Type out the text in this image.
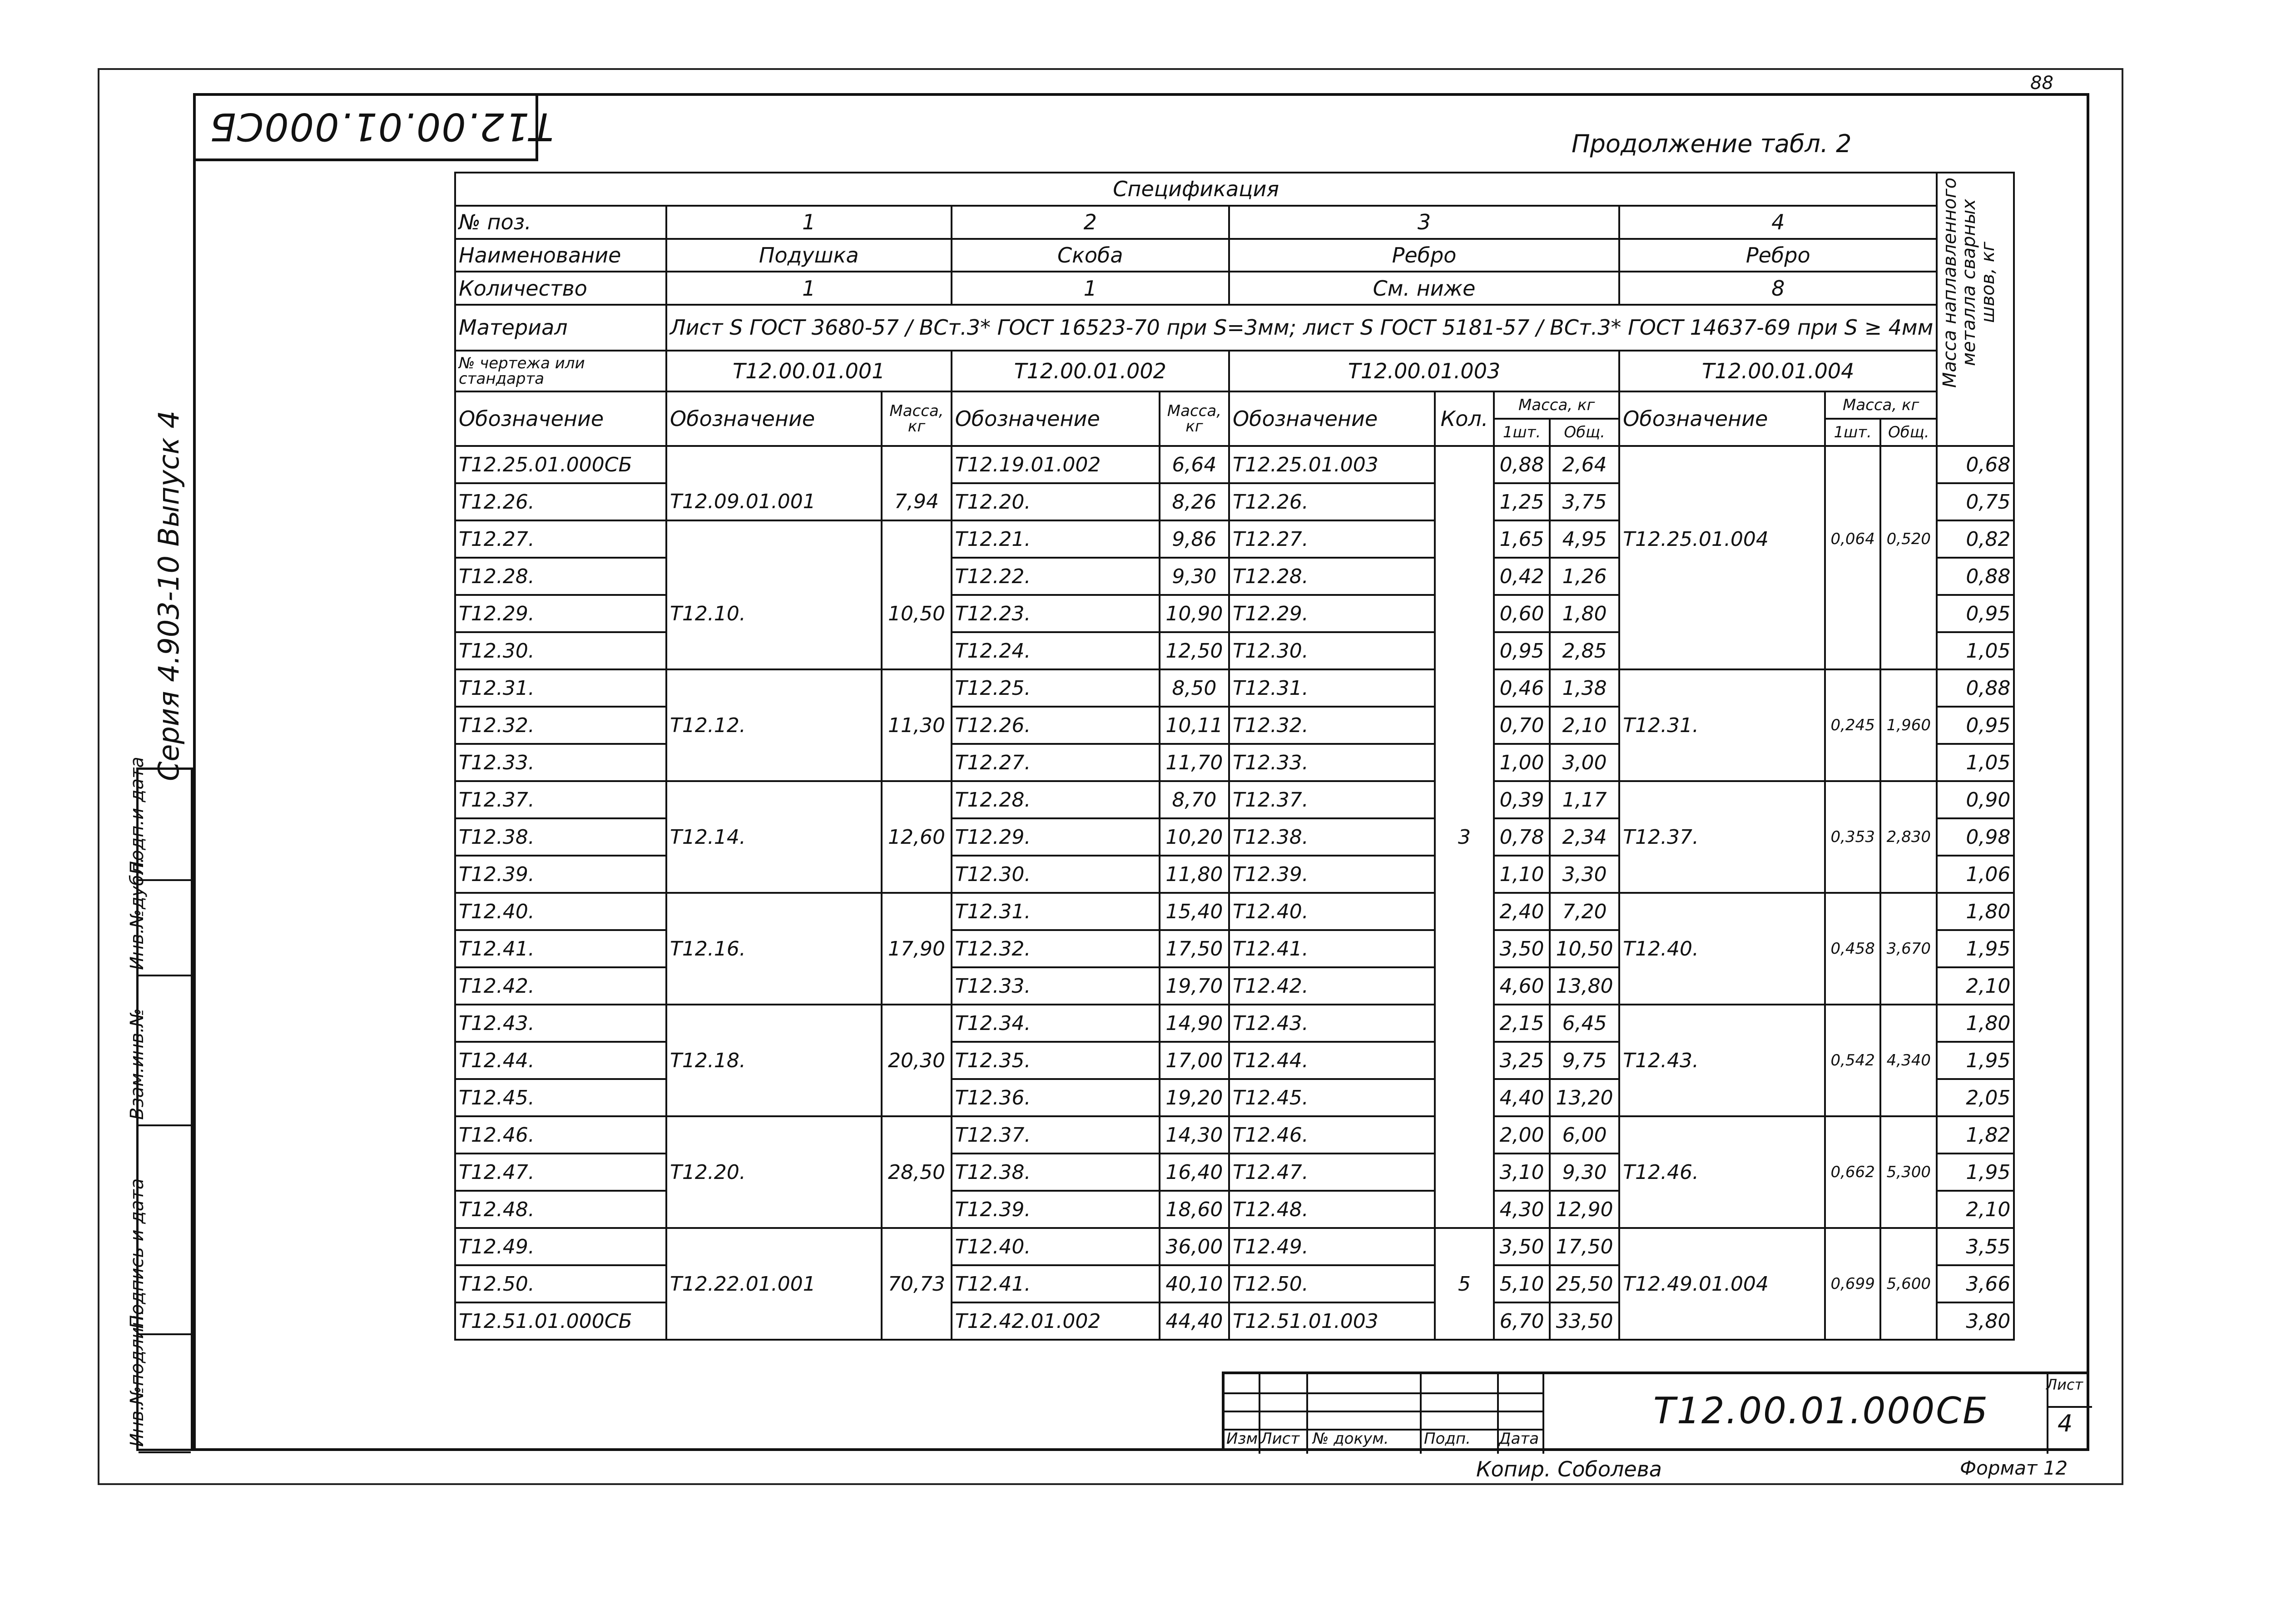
Т12.00.01.000СБ
88
Продолжение табл. 2
Серия 4.903-10 Выпуск 4
Инв.№подлин.
Подпись и дата
Взам.инв.№
Инв.№дубл.
Подп.и дата
Спецификация												Масса наплавленного металла сварных швов, кг

№ поз.	1		2		3				4			
Наименование	Подушка		Скоба		Ребро				Ребро			
Количество	1		1		См. ниже				8			
Материал	Лист S ГОСТ 3680-57 / ВСт.3* ГОСТ 16523-70 при S=3мм; лист S ГОСТ 5181-57 / ВСт.3* ГОСТ 14637-69 при S ≥ 4мм											
№ чертежа или стандарта	Т12.00.01.001		Т12.00.01.002		Т12.00.01.003				Т12.00.01.004			
Обозначение	Обозначение	Масса, кг	Обозначение	Масса, кг	Обозначение	Кол.	Масса, кг		Обозначение	Масса, кг		
							1шт.	Общ.		1шт.	Общ.	
Т12.25.01.000СБ			Т12.19.01.002	6,64	Т12.25.01.003		0,88	2,64				0,68
Т12.26.	Т12.09.01.001	7,94	Т12.20.	8,26	Т12.26.		1,25	3,75				0,75
Т12.27.			Т12.21.	9,86	Т12.27.		1,65	4,95	Т12.25.01.004	0,064	0,520	0,82
Т12.28.			Т12.22.	9,30	Т12.28.		0,42	1,26				0,88
Т12.29.	Т12.10.	10,50	Т12.23.	10,90	Т12.29.		0,60	1,80				0,95
Т12.30.			Т12.24.	12,50	Т12.30.		0,95	2,85				1,05
Т12.31.			Т12.25.	8,50	Т12.31.		0,46	1,38				0,88
Т12.32.	Т12.12.	11,30	Т12.26.	10,11	Т12.32.		0,70	2,10	Т12.31.	0,245	1,960	0,95
Т12.33.			Т12.27.	11,70	Т12.33.		1,00	3,00				1,05
Т12.37.			Т12.28.	8,70	Т12.37.		0,39	1,17				0,90
Т12.38.	Т12.14.	12,60	Т12.29.	10,20	Т12.38.	3	0,78	2,34	Т12.37.	0,353	2,830	0,98
Т12.39.			Т12.30.	11,80	Т12.39.		1,10	3,30				1,06
Т12.40.			Т12.31.	15,40	Т12.40.		2,40	7,20				1,80
Т12.41.	Т12.16.	17,90	Т12.32.	17,50	Т12.41.		3,50	10,50	Т12.40.	0,458	3,670	1,95
Т12.42.			Т12.33.	19,70	Т12.42.		4,60	13,80				2,10
Т12.43.			Т12.34.	14,90	Т12.43.		2,15	6,45				1,80
Т12.44.	Т12.18.	20,30	Т12.35.	17,00	Т12.44.		3,25	9,75	Т12.43.	0,542	4,340	1,95
Т12.45.			Т12.36.	19,20	Т12.45.		4,40	13,20				2,05
Т12.46.			Т12.37.	14,30	Т12.46.		2,00	6,00				1,82
Т12.47.	Т12.20.	28,50	Т12.38.	16,40	Т12.47.		3,10	9,30	Т12.46.	0,662	5,300	1,95
Т12.48.			Т12.39.	18,60	Т12.48.		4,30	12,90				2,10
Т12.49.			Т12.40.	36,00	Т12.49.		3,50	17,50				3,55
Т12.50.	Т12.22.01.001	70,73	Т12.41.	40,10	Т12.50.	5	5,10	25,50	Т12.49.01.004	0,699	5,600	3,66
Т12.51.01.000СБ			Т12.42.01.002	44,40	Т12.51.01.003		6,70	33,50				3,80
Т12.00.01.000СБ
Изм Лист № докум. Подп. Дата
Лист
4
Копир. Соболева	Формат 12
